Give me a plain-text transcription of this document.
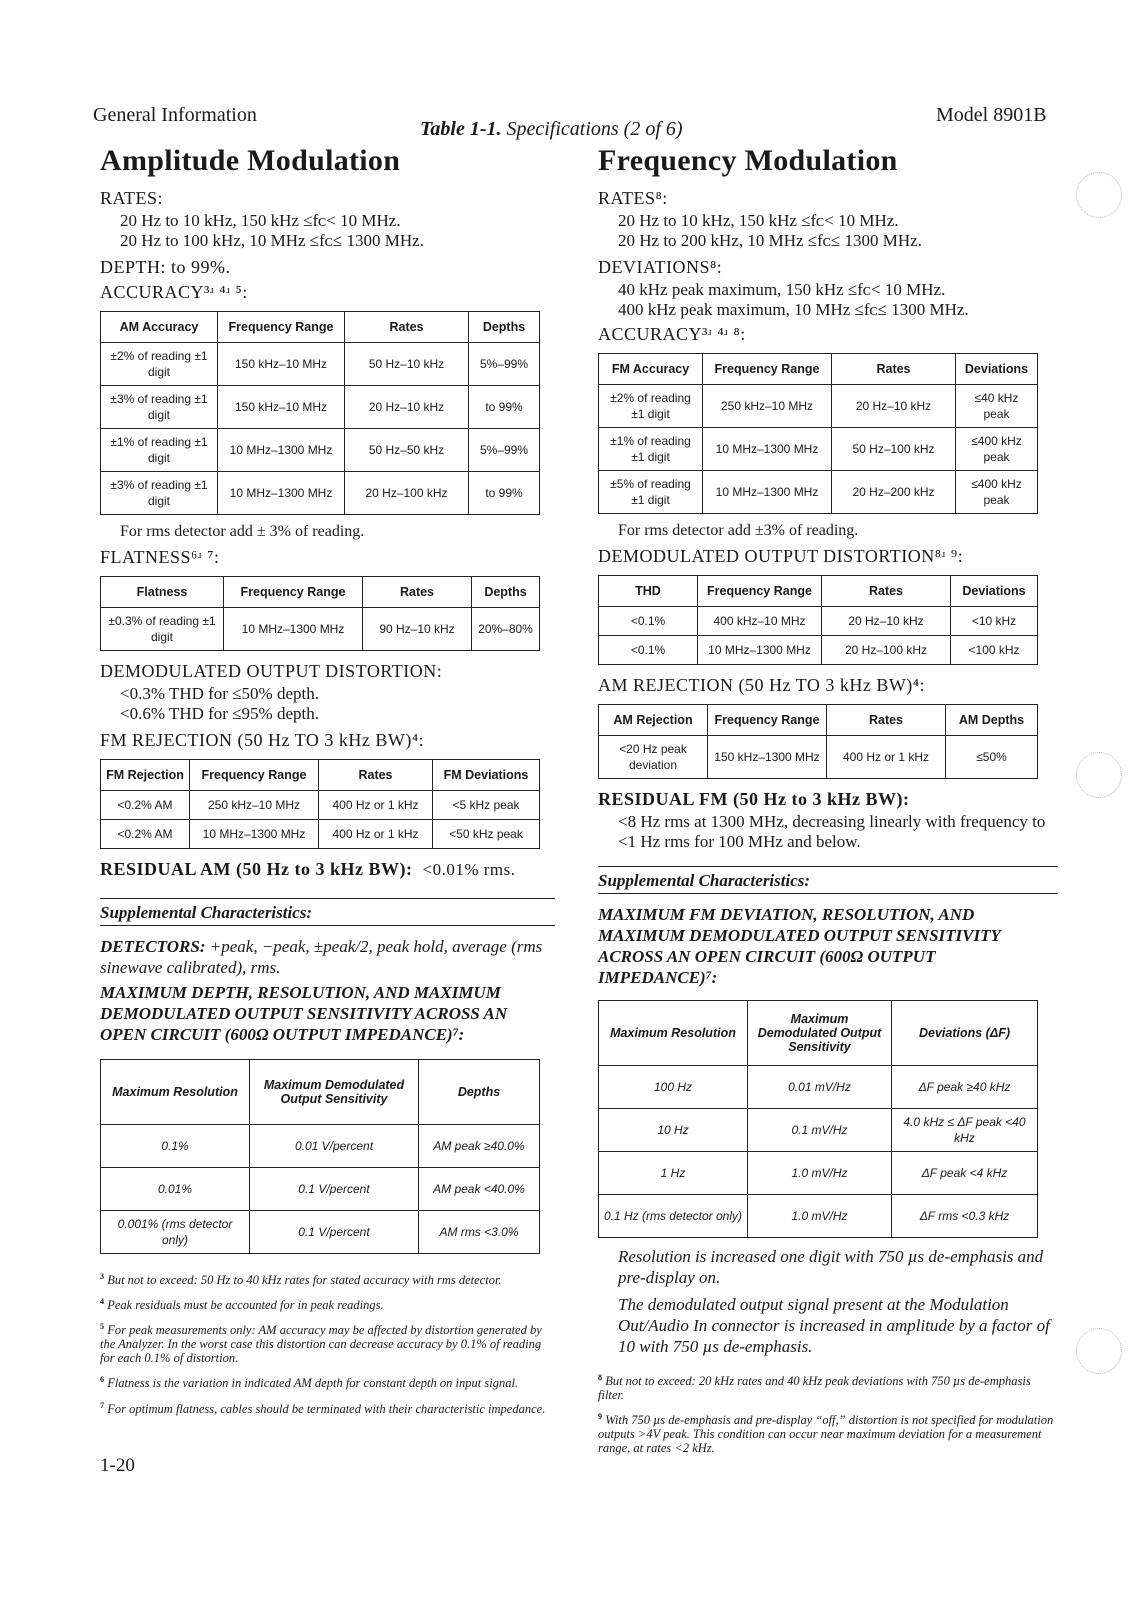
General Information
Table 1-1. Specifications (2 of 6)
Model 8901B
Amplitude Modulation
RATES:
20 Hz to 10 kHz, 150 kHz ≤fᴄ< 10 MHz.
20 Hz to 100 kHz, 10 MHz ≤fᴄ≤ 1300 MHz.
DEPTH: to 99%.
ACCURACY³ʴ ⁴ʴ ⁵:
AM Accuracy	Frequency Range	Rates	Depths
±2% of reading ±1 digit	150 kHz–10 MHz	50 Hz–10 kHz	5%–99%
±3% of reading ±1 digit	150 kHz–10 MHz	20 Hz–10 kHz	to 99%
±1% of reading ±1 digit	10 MHz–1300 MHz	50 Hz–50 kHz	5%–99%
±3% of reading ±1 digit	10 MHz–1300 MHz	20 Hz–100 kHz	to 99%
For rms detector add ± 3% of reading.
FLATNESS⁶ʴ ⁷:
Flatness	Frequency Range	Rates	Depths
±0.3% of reading ±1 digit	10 MHz–1300 MHz	90 Hz–10 kHz	20%–80%
DEMODULATED OUTPUT DISTORTION:
<0.3% THD for ≤50% depth.
<0.6% THD for ≤95% depth.
FM REJECTION (50 Hz TO 3 kHz BW)⁴:
FM Rejection	Frequency Range	Rates	FM Deviations
<0.2% AM	250 kHz–10 MHz	400 Hz or 1 kHz	<5 kHz peak
<0.2% AM	10 MHz–1300 MHz	400 Hz or 1 kHz	<50 kHz peak
RESIDUAL AM (50 Hz to 3 kHz BW): <0.01% rms.
Supplemental Characteristics:
DETECTORS: +peak, −peak, ±peak/2, peak hold, average (rms sinewave calibrated), rms.
MAXIMUM DEPTH, RESOLUTION, AND MAXIMUM DEMODULATED OUTPUT SENSITIVITY ACROSS AN OPEN CIRCUIT (600Ω OUTPUT IMPEDANCE)⁷:
Maximum Resolution	Maximum Demodulated Output Sensitivity	Depths
0.1%	0.01 V/percent	AM peak ≥40.0%
0.01%	0.1 V/percent	AM peak <40.0%
0.001% (rms detector only)	0.1 V/percent	AM rms <3.0%
$^3$ But not to exceed: 50 Hz to 40 kHz rates for stated accuracy with rms detector.
$^4$ Peak residuals must be accounted for in peak readings.
$^5$ For peak measurements only: AM accuracy may be affected by distortion generated by the Analyzer. In the worst case this distortion can decrease accuracy by 0.1% of reading for each 0.1% of distortion.
$^6$ Flatness is the variation in indicated AM depth for constant depth on input signal.
$^7$ For optimum flatness, cables should be terminated with their characteristic impedance.
1-20
Frequency Modulation
RATES⁸:
20 Hz to 10 kHz, 150 kHz ≤fᴄ< 10 MHz.
20 Hz to 200 kHz, 10 MHz ≤fᴄ≤ 1300 MHz.
DEVIATIONS⁸:
40 kHz peak maximum, 150 kHz ≤fᴄ< 10 MHz.
400 kHz peak maximum, 10 MHz ≤fᴄ≤ 1300 MHz.
ACCURACY³ʴ ⁴ʴ ⁸:
FM Accuracy	Frequency Range	Rates	Deviations
±2% of reading ±1 digit	250 kHz–10 MHz	20 Hz–10 kHz	≤40 kHz peak
±1% of reading ±1 digit	10 MHz–1300 MHz	50 Hz–100 kHz	≤400 kHz peak
±5% of reading ±1 digit	10 MHz–1300 MHz	20 Hz–200 kHz	≤400 kHz peak
For rms detector add ±3% of reading.
DEMODULATED OUTPUT DISTORTION⁸ʴ ⁹:
THD	Frequency Range	Rates	Deviations
<0.1%	400 kHz–10 MHz	20 Hz–10 kHz	<10 kHz
<0.1%	10 MHz–1300 MHz	20 Hz–100 kHz	<100 kHz
AM REJECTION (50 Hz TO 3 kHz BW)⁴:
AM Rejection	Frequency Range	Rates	AM Depths
<20 Hz peak deviation	150 kHz–1300 MHz	400 Hz or 1 kHz	≤50%
RESIDUAL FM (50 Hz to 3 kHz BW):
<8 Hz rms at 1300 MHz, decreasing linearly with frequency to <1 Hz rms for 100 MHz and below.
Supplemental Characteristics:
MAXIMUM FM DEVIATION, RESOLUTION, AND MAXIMUM DEMODULATED OUTPUT SENSITIVITY ACROSS AN OPEN CIRCUIT (600Ω OUTPUT IMPEDANCE)⁷:
Maximum Resolution	Maximum Demodulated Output Sensitivity	Deviations (ΔF)
100 Hz	0.01 mV/Hz	ΔF peak ≥40 kHz
10 Hz	0.1 mV/Hz	4.0 kHz ≤ ΔF peak <40 kHz
1 Hz	1.0 mV/Hz	ΔF peak <4 kHz
0.1 Hz (rms detector only)	1.0 mV/Hz	ΔF rms <0.3 kHz
Resolution is increased one digit with 750 µs de-emphasis and pre-display on.
The demodulated output signal present at the Modulation Out/Audio In connector is increased in amplitude by a factor of 10 with 750 µs de-emphasis.
$^8$ But not to exceed: 20 kHz rates and 40 kHz peak deviations with 750 µs de-emphasis filter.
$^9$ With 750 µs de-emphasis and pre-display “off,” distortion is not specified for modulation outputs >4V peak. This condition can occur near maximum deviation for a measurement range, at rates <2 kHz.
